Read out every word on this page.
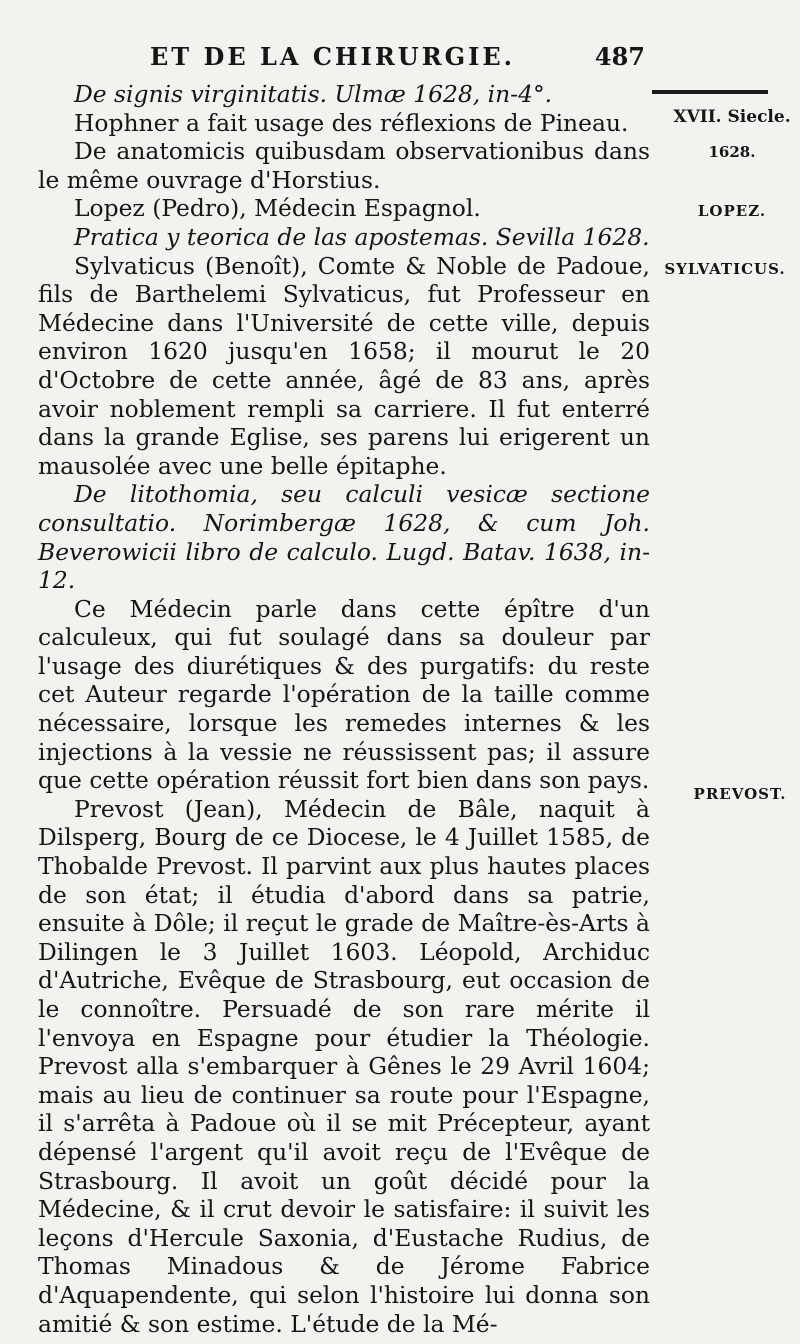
ET DE LA CHIRURGIE.	487
XVII. Siecle.
1628.
LOPEZ.
SYLVATICUS.
PREVOST.

De signis virginitatis. Ulmæ 1628, in-4°.

Hophner a fait usage des réflexions de Pineau.

De anatomicis quibusdam observationibus dans le même ouvrage d'Horstius.

Lopez (Pedro), Médecin Espagnol.

Pratica y teorica de las apostemas. Sevilla 1628.

Sylvaticus (Benoît), Comte & Noble de Padoue, fils de Barthelemi Sylvaticus, fut Professeur en Médecine dans l'Université de cette ville, depuis environ 1620 jusqu'en 1658; il mourut le 20 d'Octobre de cette année, âgé de 83 ans, après avoir noblement rempli sa carriere. Il fut enterré dans la grande Eglise, ses parens lui erigerent un mausolée avec une belle épitaphe.

De litothomia, seu calculi vesicæ sectione consultatio. Norimbergæ 1628, & cum Joh. Beverowicii libro de calculo. Lugd. Batav. 1638, in-12.

Ce Médecin parle dans cette épître d'un calculeux, qui fut soulagé dans sa douleur par l'usage des diurétiques & des purgatifs: du reste cet Auteur regarde l'opération de la taille comme nécessaire, lorsque les remedes internes & les injections à la vessie ne réussissent pas; il assure que cette opération réussit fort bien dans son pays.

Prevost (Jean), Médecin de Bâle, naquit à Dilsperg, Bourg de ce Diocese, le 4 Juillet 1585, de Thobalde Prevost. Il parvint aux plus hautes places de son état; il étudia d'abord dans sa patrie, ensuite à Dôle; il reçut le grade de Maître-ès-Arts à Dilingen le 3 Juillet 1603. Léopold, Archiduc d'Autriche, Evêque de Strasbourg, eut occasion de le connoître. Persuadé de son rare mérite il l'envoya en Espagne pour étudier la Théologie. Prevost alla s'embarquer à Gênes le 29 Avril 1604; mais au lieu de continuer sa route pour l'Espagne, il s'arrêta à Padoue où il se mit Précepteur, ayant dépensé l'argent qu'il avoit reçu de l'Evêque de Strasbourg. Il avoit un goût décidé pour la Médecine, & il crut devoir le satisfaire: il suivit les leçons d'Hercule Saxonia, d'Eustache Rudius, de Thomas Minadous & de Jérome Fabrice d'Aquapendente, qui selon l'histoire lui donna son amitié & son estime. L'étude de la Mé-
